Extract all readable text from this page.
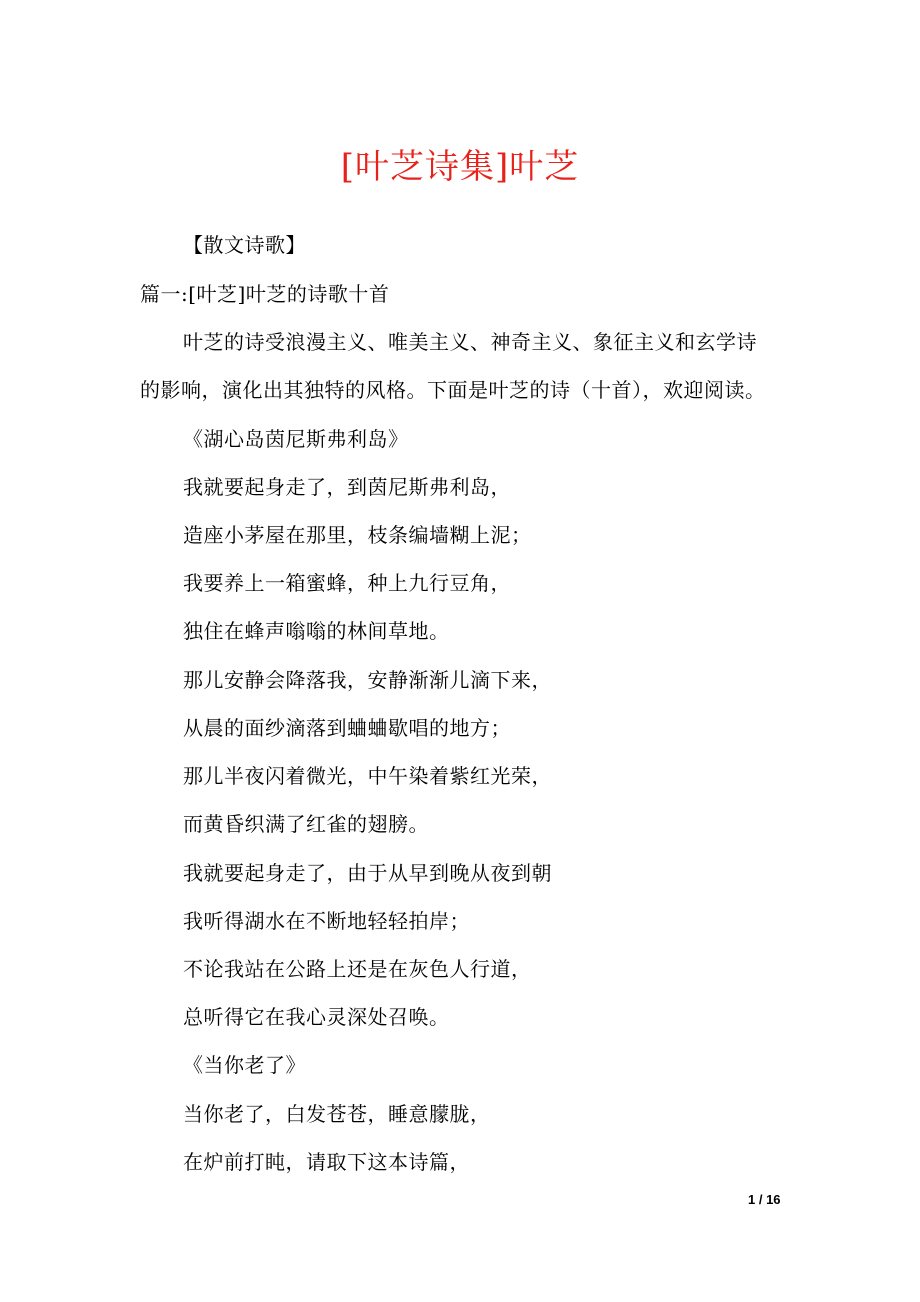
[叶芝诗集]叶芝
【散文诗歌】
篇一:[叶芝]叶芝的诗歌十首
叶芝的诗受浪漫主义、唯美主义、神奇主义、象征主义和玄学诗
的影响，演化出其独特的风格。下面是叶芝的诗（十首），欢迎阅读。
《湖心岛茵尼斯弗利岛》
我就要起身走了，到茵尼斯弗利岛，
造座小茅屋在那里，枝条编墙糊上泥；
我要养上一箱蜜蜂，种上九行豆角，
独住在蜂声嗡嗡的林间草地。
那儿安静会降落我，安静渐渐儿滴下来，
从晨的面纱滴落到蛐蛐歇唱的地方；
那儿半夜闪着微光，中午染着紫红光荣，
而黄昏织满了红雀的翅膀。
我就要起身走了，由于从早到晚从夜到朝
我听得湖水在不断地轻轻拍岸；
不论我站在公路上还是在灰色人行道，
总听得它在我心灵深处召唤。
《当你老了》
当你老了，白发苍苍，睡意朦胧，
在炉前打盹，请取下这本诗篇，
1 / 16
